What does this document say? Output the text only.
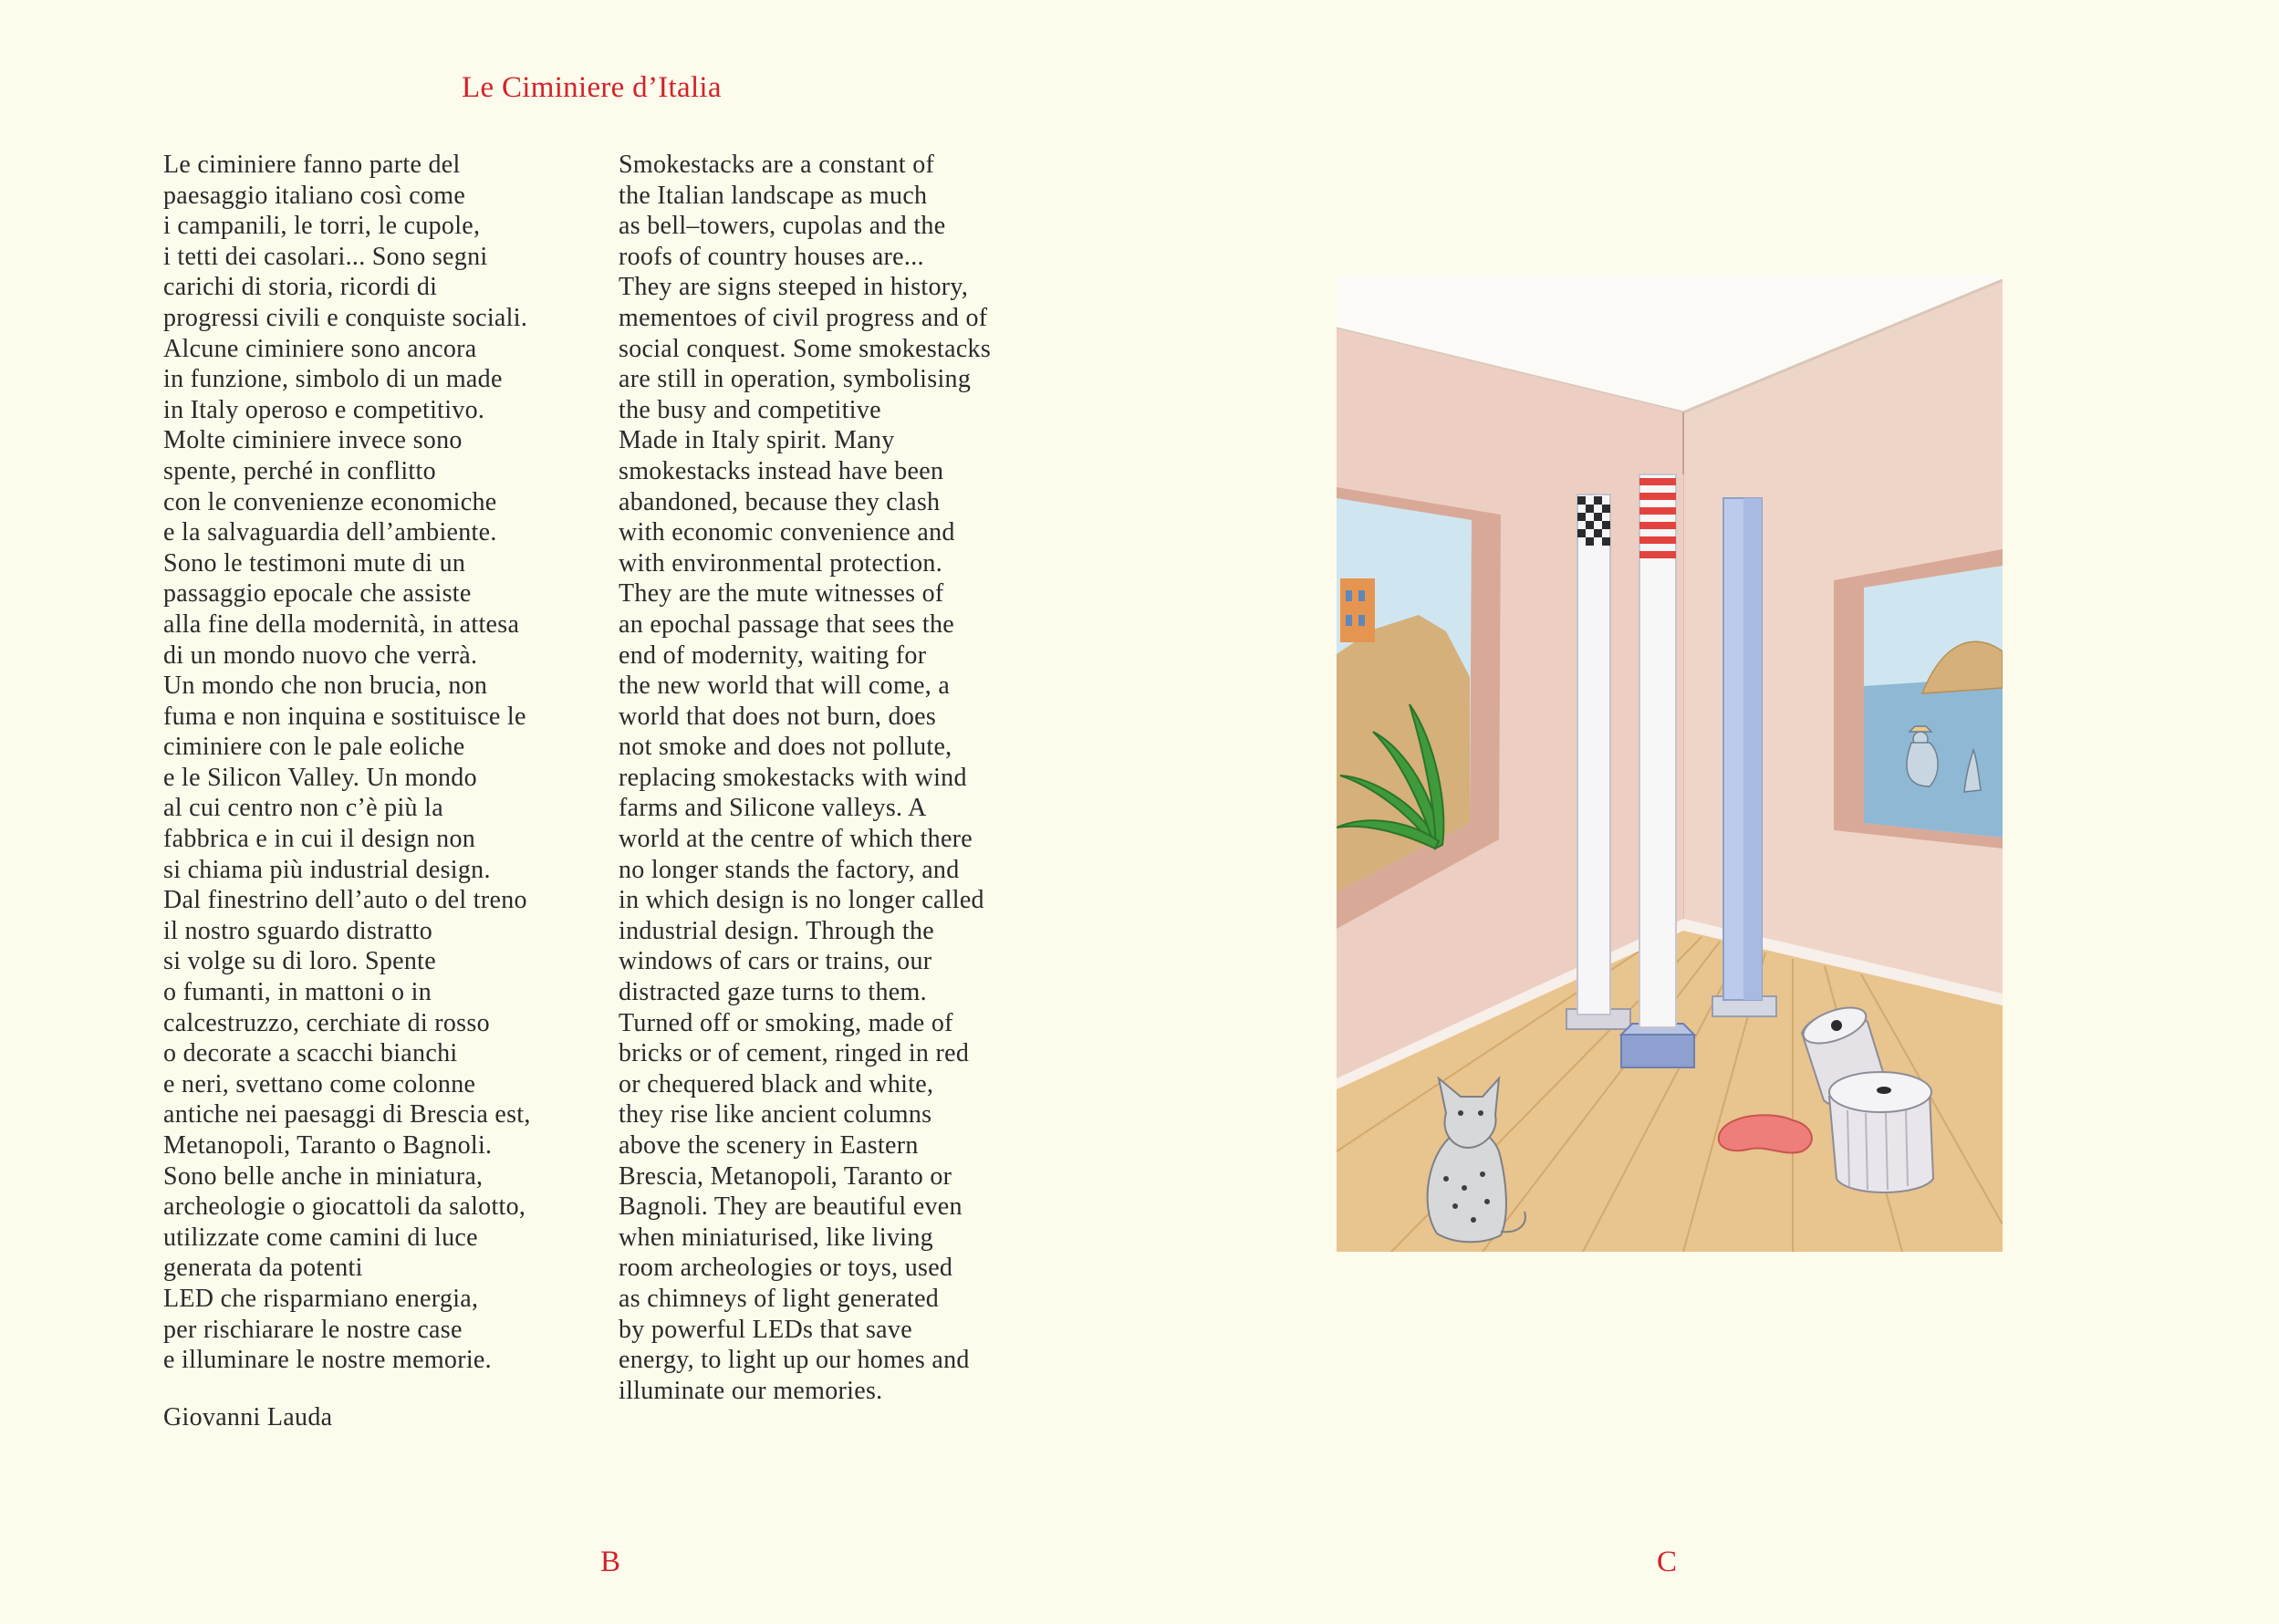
Le Ciminiere d’Italia
Le ciminiere fanno parte del
paesaggio italiano così come
i campanili, le torri, le cupole,
i tetti dei casolari... Sono segni
carichi di storia, ricordi di
progressi civili e conquiste sociali.
Alcune ciminiere sono ancora
in funzione, simbolo di un made
in Italy operoso e competitivo.
Molte ciminiere invece sono
spente, perché in conflitto
con le convenienze economiche
e la salvaguardia dell’ambiente.
Sono le testimoni mute di un
passaggio epocale che assiste
alla fine della modernità, in attesa
di un mondo nuovo che verrà.
Un mondo che non brucia, non
fuma e non inquina e sostituisce le
ciminiere con le pale eoliche
e le Silicon Valley. Un mondo
al cui centro non c’è più la
fabbrica e in cui il design non
si chiama più industrial design.
Dal finestrino dell’auto o del treno
il nostro sguardo distratto
si volge su di loro. Spente
o fumanti, in mattoni o in
calcestruzzo, cerchiate di rosso
o decorate a scacchi bianchi
e neri, svettano come colonne
antiche nei paesaggi di Brescia est,
Metanopoli, Taranto o Bagnoli.
Sono belle anche in miniatura,
archeologie o giocattoli da salotto,
utilizzate come camini di luce
generata da potenti
LED che risparmiano energia,
per rischiarare le nostre case
e illuminare le nostre memorie.
Smokestacks are a constant of
the Italian landscape as much
as bell–towers, cupolas and the
roofs of country houses are...
They are signs steeped in history,
mementoes of civil progress and of
social conquest. Some smokestacks
are still in operation, symbolising
the busy and competitive
Made in Italy spirit. Many
smokestacks instead have been
abandoned, because they clash
with economic convenience and
with environmental protection.
They are the mute witnesses of
an epochal passage that sees the
end of modernity, waiting for
the new world that will come, a
world that does not burn, does
not smoke and does not pollute,
replacing smokestacks with wind
farms and Silicone valleys. A
world at the centre of which there
no longer stands the factory, and
in which design is no longer called
industrial design. Through the
windows of cars or trains, our
distracted gaze turns to them.
Turned off or smoking, made of
bricks or of cement, ringed in red
or chequered black and white,
they rise like ancient columns
above the scenery in Eastern
Brescia, Metanopoli, Taranto or
Bagnoli. They are beautiful even
when miniaturised, like living
room archeologies or toys, used
as chimneys of light generated
by powerful LEDs that save
energy, to light up our homes and
illuminate our memories.
Giovanni Lauda
B	C
